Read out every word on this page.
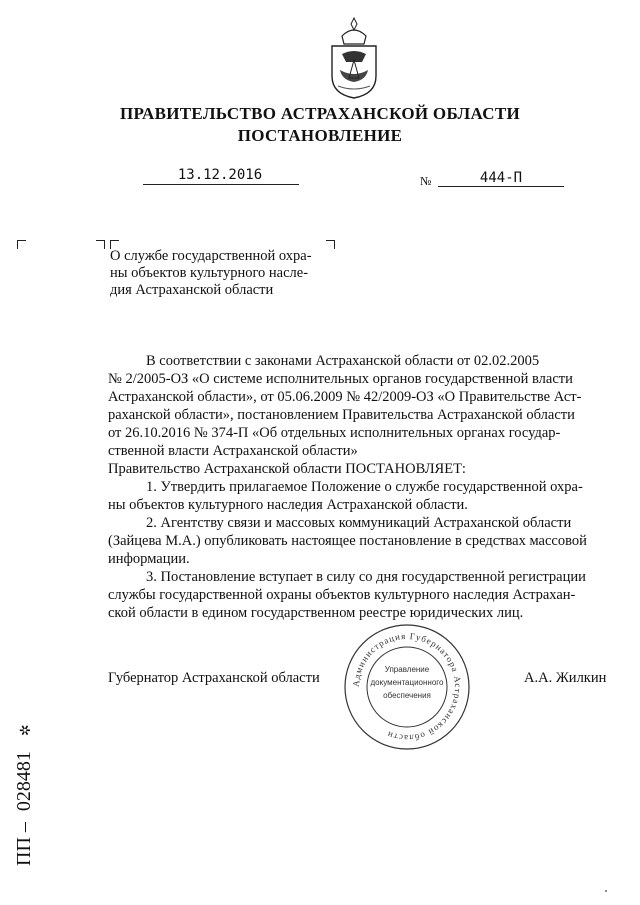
ПРАВИТЕЛЬСТВО АСТРАХАНСКОЙ ОБЛАСТИ
ПОСТАНОВЛЕНИЕ
13.12.2016	№	444-П
О службе государственной охра-
ны объектов культурного насле-
дия Астраханской области

В соответствии с законами Астраханской области от 02.02.2005

№ 2/2005-ОЗ «О системе исполнительных органов государственной власти

Астраханской области», от 05.06.2009 № 42/2009-ОЗ «О Правительстве Аст-

раханской области», постановлением Правительства Астраханской области

от 26.10.2016 № 374-П «Об отдельных исполнительных органах государ-

ственной власти Астраханской области»

Правительство Астраханской области ПОСТАНОВЛЯЕТ:

1. Утвердить прилагаемое Положение о службе государственной охра-

ны объектов культурного наследия Астраханской области.

2. Агентству связи и массовых коммуникаций Астраханской области

(Зайцева М.А.) опубликовать настоящее постановление в средствах массовой

информации.

3. Постановление вступает в силу со дня государственной регистрации

службы государственной охраны объектов культурного наследия Астрахан-

ской области в едином государственном реестре юридических лиц.

Губернатор Астраханской области	А.А. Жилкин
Администрация Губернатора Астраханской области
Управление
документационного
обеспечения
ПП – 028481 ✲
